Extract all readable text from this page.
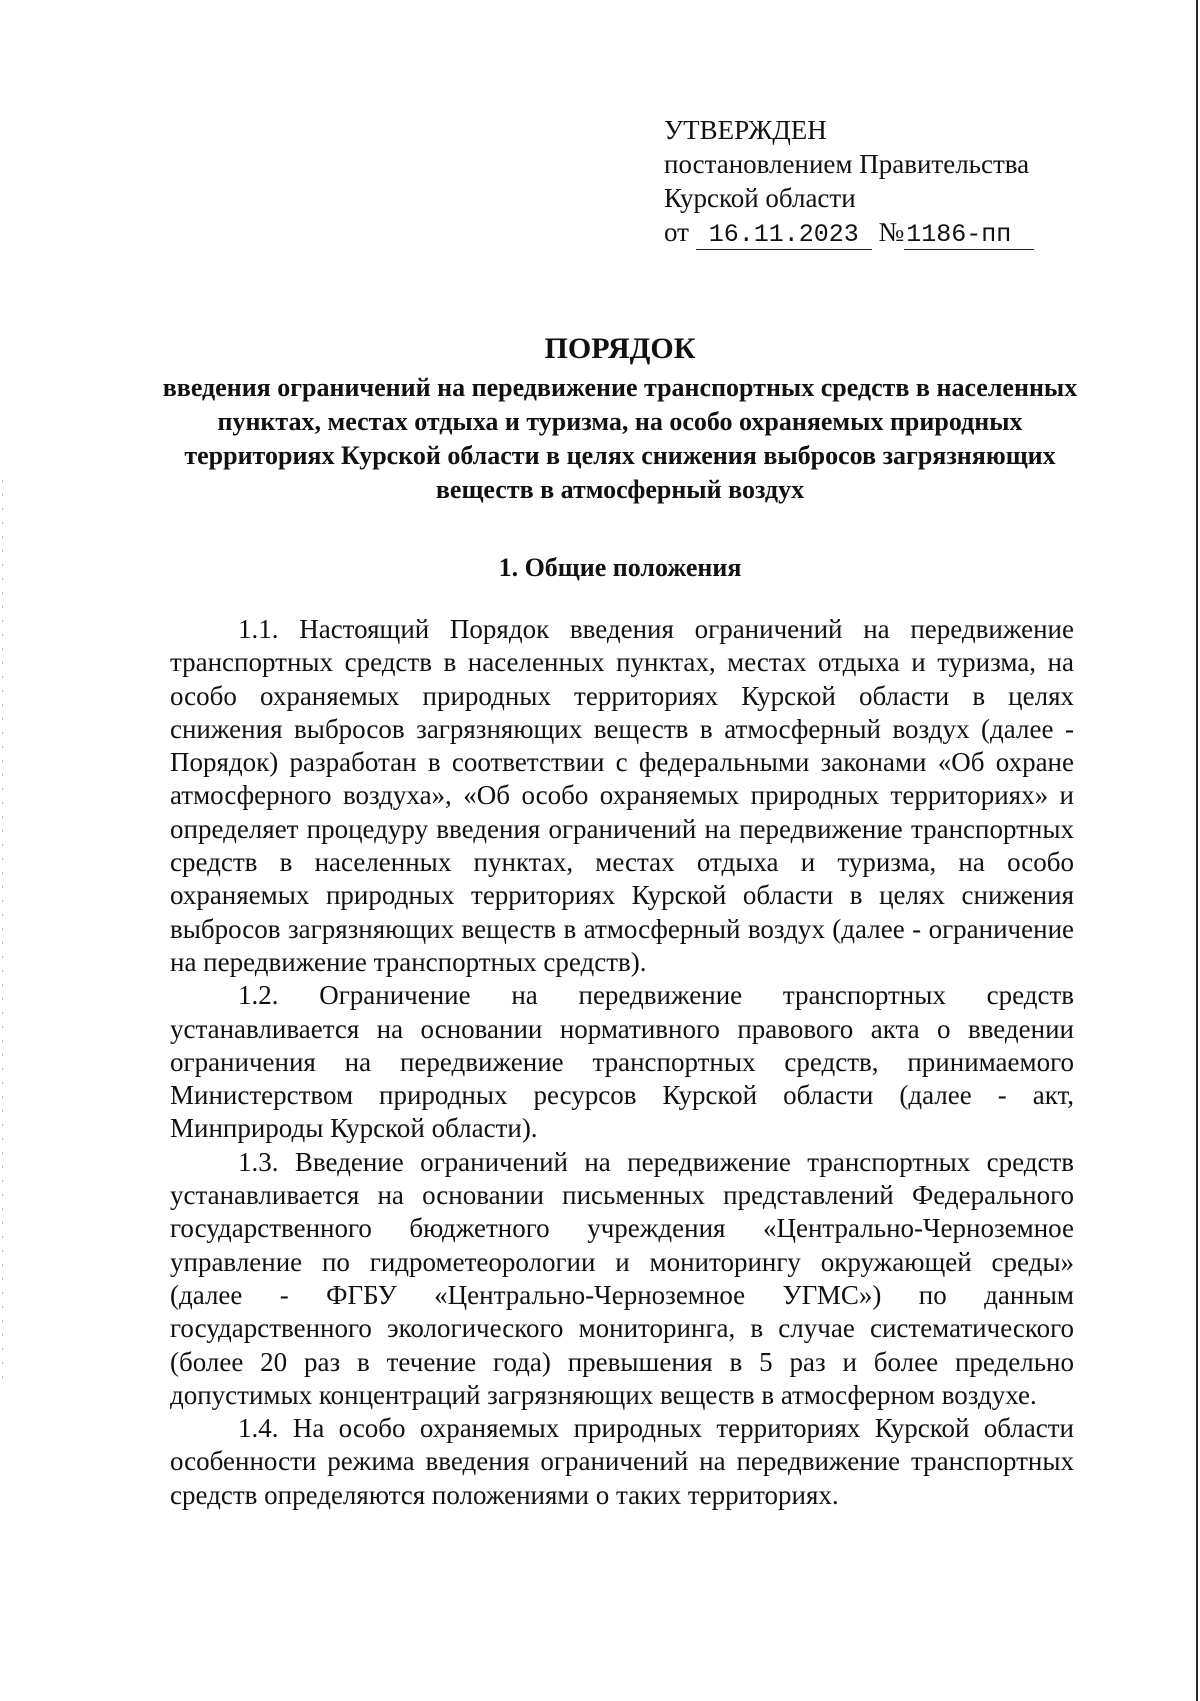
УТВЕРЖДЕН
постановлением Правительства
Курской области
от 16.11.2023 №1186-пп
ПОРЯДОК
введения ограничений на передвижение транспортных средств в населенных пунктах, местах отдыха и туризма, на особо охраняемых природных территориях Курской области в целях снижения выбросов загрязняющих веществ в атмосферный воздух
1. Общие положения

1.1. Настоящий Порядок введения ограничений на передвижение транспортных средств в населенных пунктах, местах отдыха и туризма, на особо охраняемых природных территориях Курской области в целях снижения выбросов загрязняющих веществ в атмосферный воздух (далее - Порядок) разработан в соответствии с федеральными законами «Об охране атмосферного воздуха», «Об особо охраняемых природных территориях» и определяет процедуру введения ограничений на передвижение транспортных средств в населенных пунктах, местах отдыха и туризма, на особо охраняемых природных территориях Курской области в целях снижения выбросов загрязняющих веществ в атмосферный воздух (далее - ограничение на передвижение транспортных средств).

1.2. Ограничение на передвижение транспортных средств устанавливается на основании нормативного правового акта о введении ограничения на передвижение транспортных средств, принимаемого Министерством природных ресурсов Курской области (далее - акт, Минприроды Курской области).

1.3. Введение ограничений на передвижение транспортных средств устанавливается на основании письменных представлений Федерального государственного бюджетного учреждения «Центрально-Черноземное управление по гидрометеорологии и мониторингу окружающей среды» (далее - ФГБУ «Центрально-Черноземное УГМС») по данным государственного экологического мониторинга, в случае систематического (более 20 раз в течение года) превышения в 5 раз и более предельно допустимых концентраций загрязняющих веществ в атмосферном воздухе.

1.4. На особо охраняемых природных территориях Курской области особенности режима введения ограничений на передвижение транспортных средств определяются положениями о таких территориях.
